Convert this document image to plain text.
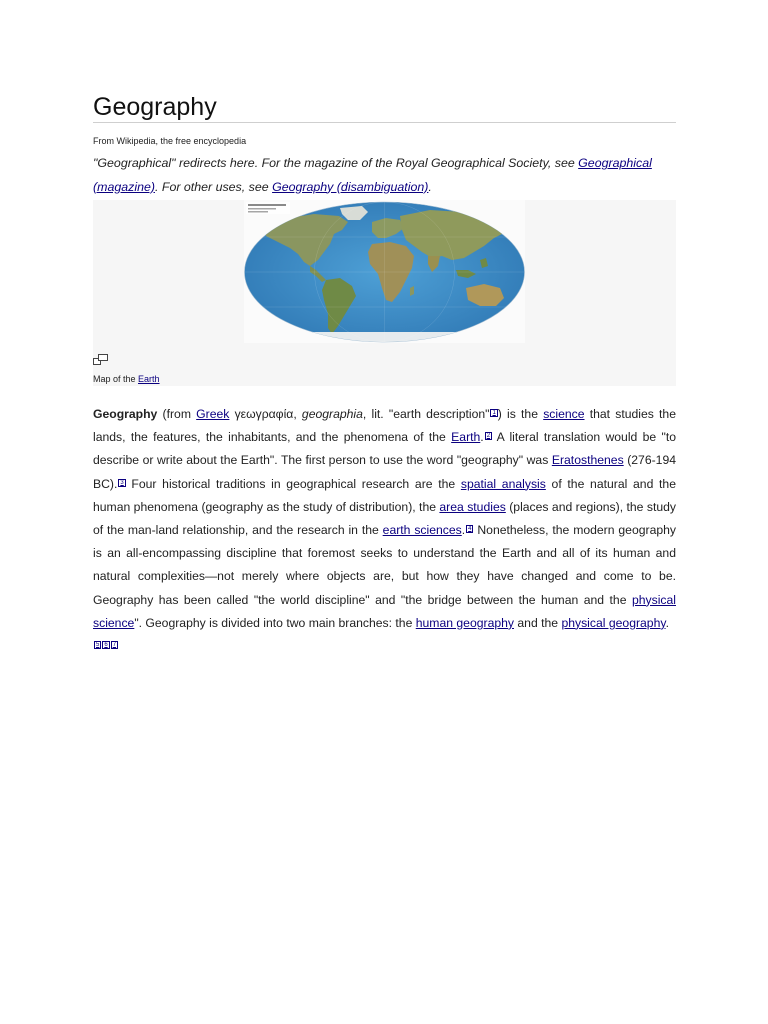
Geography
From Wikipedia, the free encyclopedia
"Geographical" redirects here. For the magazine of the Royal Geographical Society, see Geographical (magazine). For other uses, see Geography (disambiguation).
Map of the Earth

Geography (from Greek γεωγραφία, geographia, lit. "earth description" 1 ) is the science that studies the lands, the features, the inhabitants, and the phenomena of the Earth. 2 A literal translation would be "to describe or write about the Earth". The first person to use the word "geography" was Eratosthenes (276-194 BC). 3 Four historical traditions in geographical research are the spatial analysis of the natural and the human phenomena (geography as the study of distribution), the area studies (places and regions), the study of the man-land relationship, and the research in the earth sciences. 4 Nonetheless, the modern geography is an all-encompassing discipline that foremost seeks to understand the Earth and all of its human and natural complexities—not merely where objects are, but how they have changed and come to be. Geography has been called "the world discipline" and "the bridge between the human and the physical science". Geography is divided into two main branches: the human geography and the physical geography.
5 6 7
